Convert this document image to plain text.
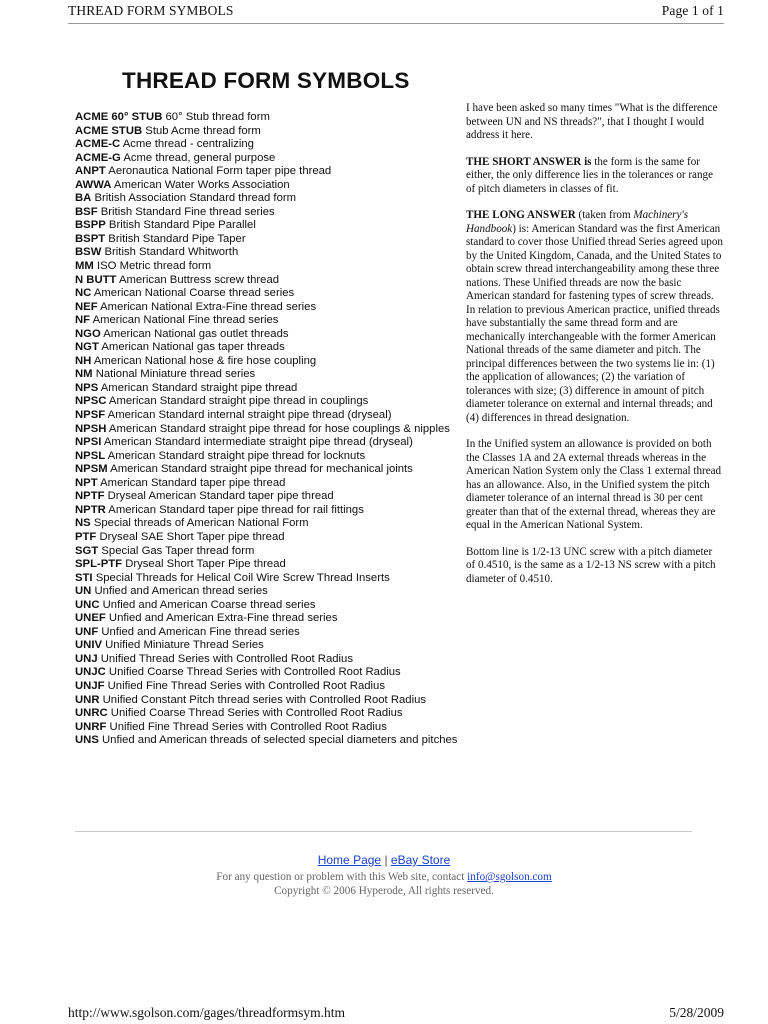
THREAD FORM SYMBOLS	Page 1 of 1
THREAD FORM SYMBOLS
ACME 60° STUB 60° Stub thread form
ACME STUB Stub Acme thread form
ACME-C Acme thread - centralizing
ACME-G Acme thread, general purpose
ANPT Aeronautica National Form taper pipe thread
AWWA American Water Works Association
BA British Association Standard thread form
BSF British Standard Fine thread series
BSPP British Standard Pipe Parallel
BSPT British Standard Pipe Taper
BSW British Standard Whitworth
MM ISO Metric thread form
N BUTT American Buttress screw thread
NC American National Coarse thread series
NEF American National Extra-Fine thread series
NF American National Fine thread series
NGO American National gas outlet threads
NGT American National gas taper threads
NH American National hose & fire hose coupling
NM National Miniature thread series
NPS American Standard straight pipe thread
NPSC American Standard straight pipe thread in couplings
NPSF American Standard internal straight pipe thread (dryseal)
NPSH American Standard straight pipe thread for hose couplings & nipples
NPSI American Standard intermediate straight pipe thread (dryseal)
NPSL American Standard straight pipe thread for locknuts
NPSM American Standard straight pipe thread for mechanical joints
NPT American Standard taper pipe thread
NPTF Dryseal American Standard taper pipe thread
NPTR American Standard taper pipe thread for rail fittings
NS Special threads of American National Form
PTF Dryseal SAE Short Taper pipe thread
SGT Special Gas Taper thread form
SPL-PTF Dryseal Short Taper Pipe thread
STI Special Threads for Helical Coil Wire Screw Thread Inserts
UN Unfied and American thread series
UNC Unfied and American Coarse thread series
UNEF Unfied and American Extra-Fine thread series
UNF Unfied and American Fine thread series
UNIV Unified Miniature Thread Series
UNJ Unified Thread Series with Controlled Root Radius
UNJC Unified Coarse Thread Series with Controlled Root Radius
UNJF Unified Fine Thread Series with Controlled Root Radius
UNR Unified Constant Pitch thread series with Controlled Root Radius
UNRC Unified Coarse Thread Series with Controlled Root Radius
UNRF Unified Fine Thread Series with Controlled Root Radius
UNS Unfied and American threads of selected special diameters and pitches

I have been asked so many times "What is the difference between UN and NS threads?", that I thought I would address it here.

THE SHORT ANSWER is the form is the same for either, the only difference lies in the tolerances or range of pitch diameters in classes of fit.

THE LONG ANSWER (taken from Machinery's Handbook) is: American Standard was the first American standard to cover those Unified thread Series agreed upon by the United Kingdom, Canada, and the United States to obtain screw thread interchangeability among these three nations. These Unified threads are now the basic American standard for fastening types of screw threads. In relation to previous American practice, unified threads have substantially the same thread form and are mechanically interchangeable with the former American National threads of the same diameter and pitch. The principal differences between the two systems lie in: (1) the application of allowances; (2) the variation of tolerances with size; (3) difference in amount of pitch diameter tolerance on external and internal threads; and (4) differences in thread designation.

In the Unified system an allowance is provided on both the Classes 1A and 2A external threads whereas in the American Nation System only the Class 1 external thread has an allowance. Also, in the Unified system the pitch diameter tolerance of an internal thread is 30 per cent greater than that of the external thread, whereas they are equal in the American National System.

Bottom line is 1/2-13 UNC screw with a pitch diameter of 0.4510, is the same as a 1/2-13 NS screw with a pitch diameter of 0.4510.

Home Page | eBay Store
For any question or problem with this Web site, contact info@sgolson.com
Copyright © 2006 Hyperode, All rights reserved.
http://www.sgolson.com/gages/threadformsym.htm	5/28/2009
